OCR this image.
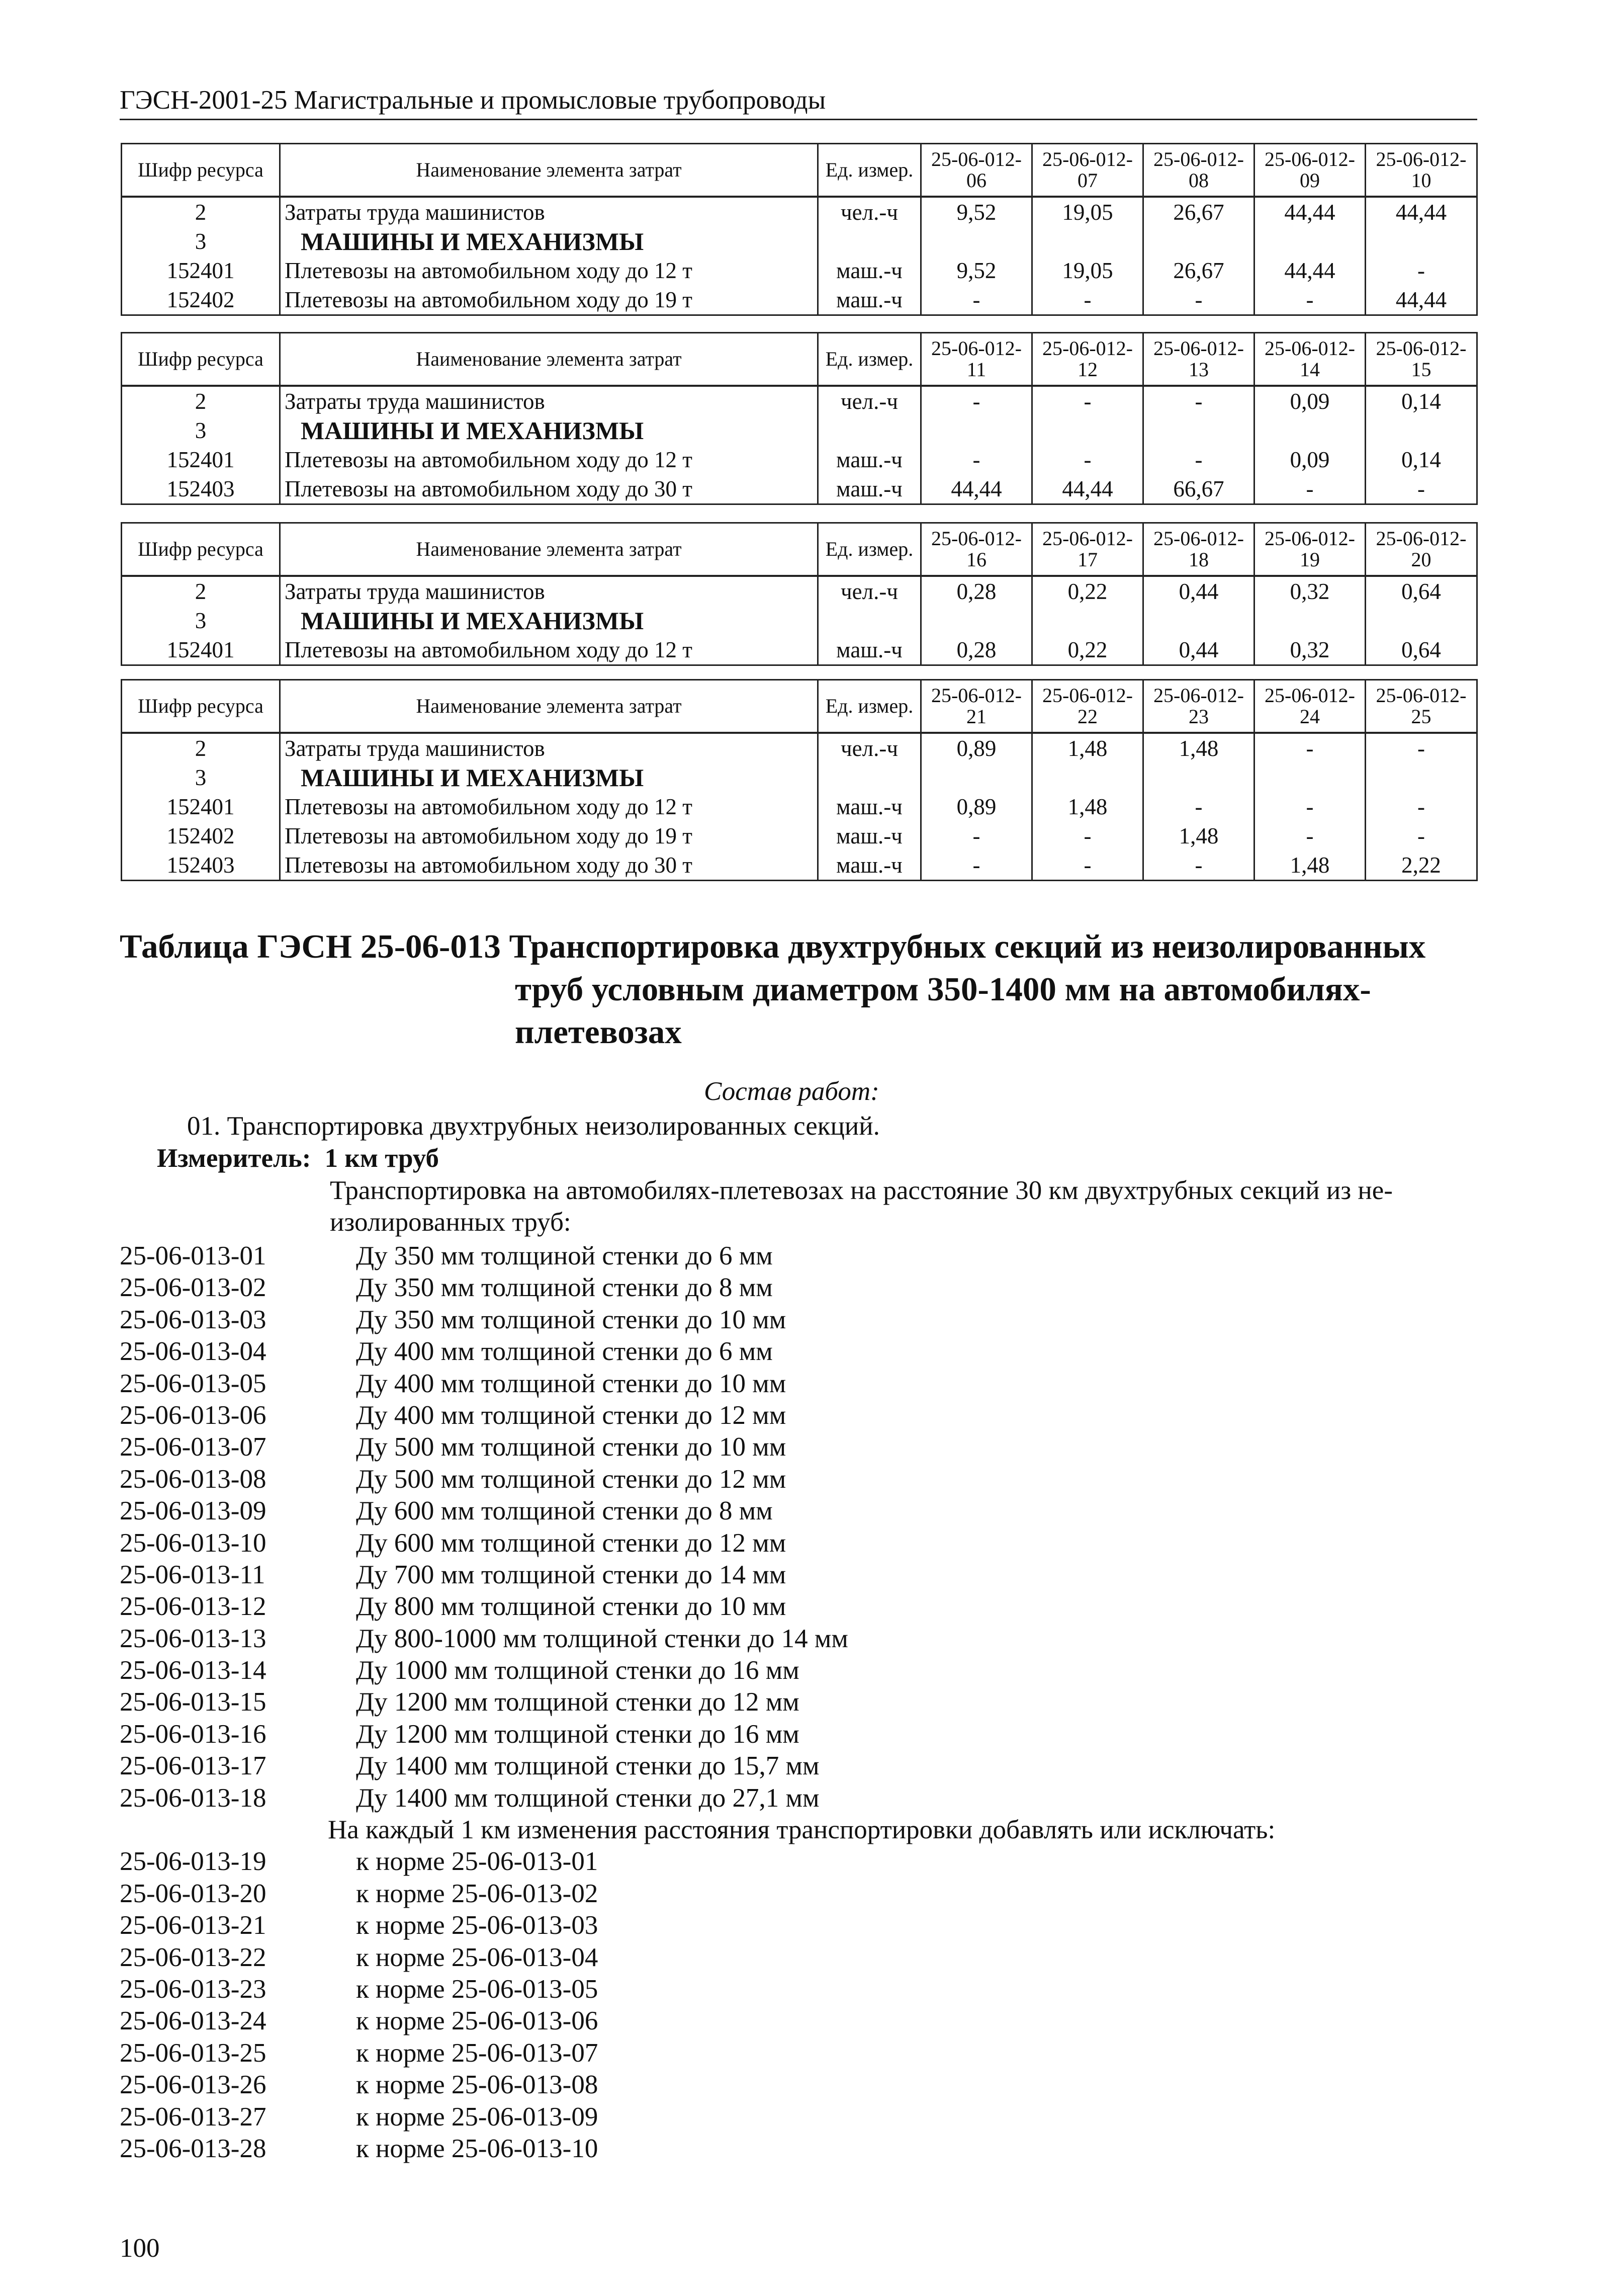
ГЭСН-2001-25 Магистральные и промысловые трубопроводы
Шифр ресурса	Наименование элемента затрат	Ед. измер.	25-06-012-06	25-06-012-07	25-06-012-08	25-06-012-09	25-06-012-10
2	Затраты труда машинистов	чел.-ч	9,52	19,05	26,67	44,44	44,44
3	МАШИНЫ И МЕХАНИЗМЫ						
152401	Плетевозы на автомобильном ходу до 12 т	маш.-ч	9,52	19,05	26,67	44,44	-
152402	Плетевозы на автомобильном ходу до 19 т	маш.-ч	-	-	-	-	44,44
Шифр ресурса	Наименование элемента затрат	Ед. измер.	25-06-012-11	25-06-012-12	25-06-012-13	25-06-012-14	25-06-012-15
2	Затраты труда машинистов	чел.-ч	-	-	-	0,09	0,14
3	МАШИНЫ И МЕХАНИЗМЫ						
152401	Плетевозы на автомобильном ходу до 12 т	маш.-ч	-	-	-	0,09	0,14
152403	Плетевозы на автомобильном ходу до 30 т	маш.-ч	44,44	44,44	66,67	-	-
Шифр ресурса	Наименование элемента затрат	Ед. измер.	25-06-012-16	25-06-012-17	25-06-012-18	25-06-012-19	25-06-012-20
2	Затраты труда машинистов	чел.-ч	0,28	0,22	0,44	0,32	0,64
3	МАШИНЫ И МЕХАНИЗМЫ						
152401	Плетевозы на автомобильном ходу до 12 т	маш.-ч	0,28	0,22	0,44	0,32	0,64
Шифр ресурса	Наименование элемента затрат	Ед. измер.	25-06-012-21	25-06-012-22	25-06-012-23	25-06-012-24	25-06-012-25
2	Затраты труда машинистов	чел.-ч	0,89	1,48	1,48	-	-
3	МАШИНЫ И МЕХАНИЗМЫ						
152401	Плетевозы на автомобильном ходу до 12 т	маш.-ч	0,89	1,48	-	-	-
152402	Плетевозы на автомобильном ходу до 19 т	маш.-ч	-	-	1,48	-	-
152403	Плетевозы на автомобильном ходу до 30 т	маш.-ч	-	-	-	1,48	2,22
Таблица ГЭСН 25-06-013 Транспортировка двухтрубных секций из неизолированных
труб условным диаметром 350-1400 мм на автомобилях-
плетевозах
Состав работ:
01. Транспортировка двухтрубных неизолированных секций.
Измеритель: 1 км труб
Транспортировка на автомобилях-плетевозах на расстояние 30 км двухтрубных секций из не-
изолированных труб:
25-06-013-01	Ду 350 мм толщиной стенки до 6 мм
25-06-013-02	Ду 350 мм толщиной стенки до 8 мм
25-06-013-03	Ду 350 мм толщиной стенки до 10 мм
25-06-013-04	Ду 400 мм толщиной стенки до 6 мм
25-06-013-05	Ду 400 мм толщиной стенки до 10 мм
25-06-013-06	Ду 400 мм толщиной стенки до 12 мм
25-06-013-07	Ду 500 мм толщиной стенки до 10 мм
25-06-013-08	Ду 500 мм толщиной стенки до 12 мм
25-06-013-09	Ду 600 мм толщиной стенки до 8 мм
25-06-013-10	Ду 600 мм толщиной стенки до 12 мм
25-06-013-11	Ду 700 мм толщиной стенки до 14 мм
25-06-013-12	Ду 800 мм толщиной стенки до 10 мм
25-06-013-13	Ду 800-1000 мм толщиной стенки до 14 мм
25-06-013-14	Ду 1000 мм толщиной стенки до 16 мм
25-06-013-15	Ду 1200 мм толщиной стенки до 12 мм
25-06-013-16	Ду 1200 мм толщиной стенки до 16 мм
25-06-013-17	Ду 1400 мм толщиной стенки до 15,7 мм
25-06-013-18	Ду 1400 мм толщиной стенки до 27,1 мм
На каждый 1 км изменения расстояния транспортировки добавлять или исключать:
25-06-013-19	к норме 25-06-013-01
25-06-013-20	к норме 25-06-013-02
25-06-013-21	к норме 25-06-013-03
25-06-013-22	к норме 25-06-013-04
25-06-013-23	к норме 25-06-013-05
25-06-013-24	к норме 25-06-013-06
25-06-013-25	к норме 25-06-013-07
25-06-013-26	к норме 25-06-013-08
25-06-013-27	к норме 25-06-013-09
25-06-013-28	к норме 25-06-013-10
100
